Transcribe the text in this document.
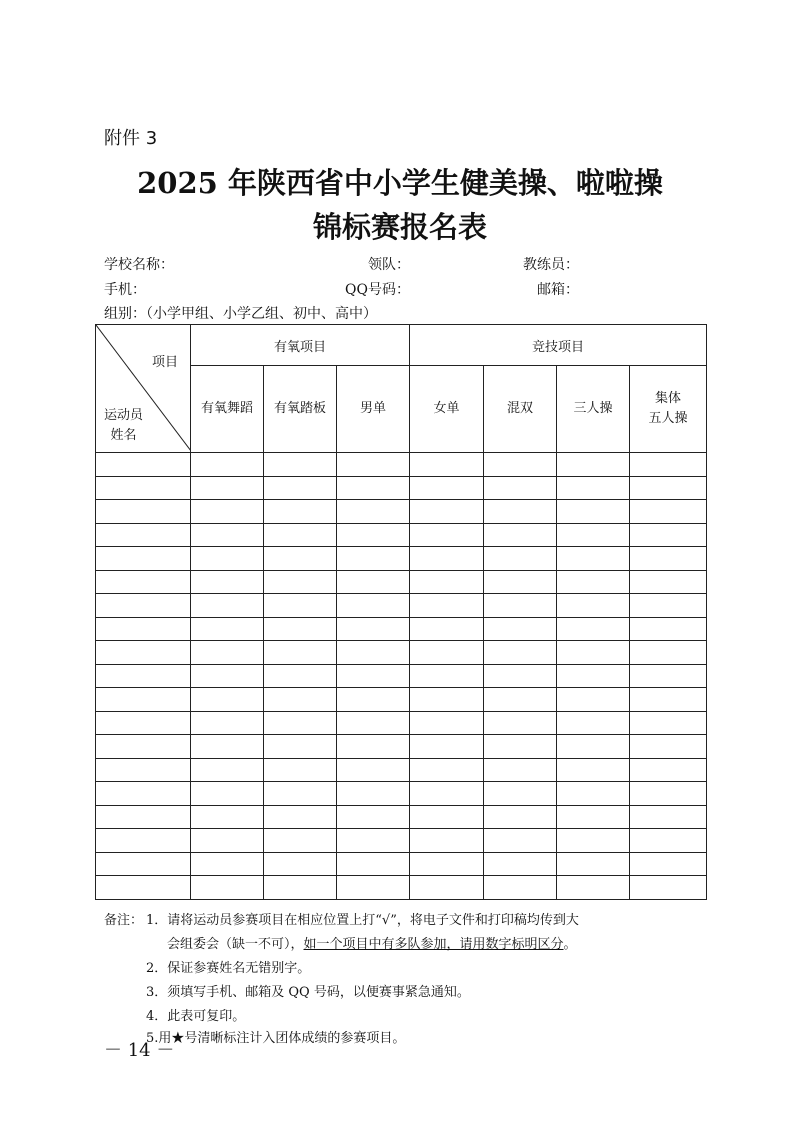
附件 3
2025 年陕西省中小学生健美操、啦啦操
锦标赛报名表
学校名称：	领队：	教练员：
手机：	QQ号码：	邮箱：
组别：（小学甲组、小学乙组、初中、高中）
项目
运动员
姓名	有氧项目			竞技项目			
	有氧舞蹈	有氧踏板	男单	女单	混双	三人操	集体
五人操

备注： 1．请将运动员参赛项目在相应位置上打“√”，将电子文件和打印稿均传到大
会组委会（缺一不可），如一个项目中有多队参加，请用数字标明区分。
2．保证参赛姓名无错别字。
3．须填写手机、邮箱及 QQ 号码，以便赛事紧急通知。
4．此表可复印。
5.用★号清晰标注计入团体成绩的参赛项目。
－ 14 －
